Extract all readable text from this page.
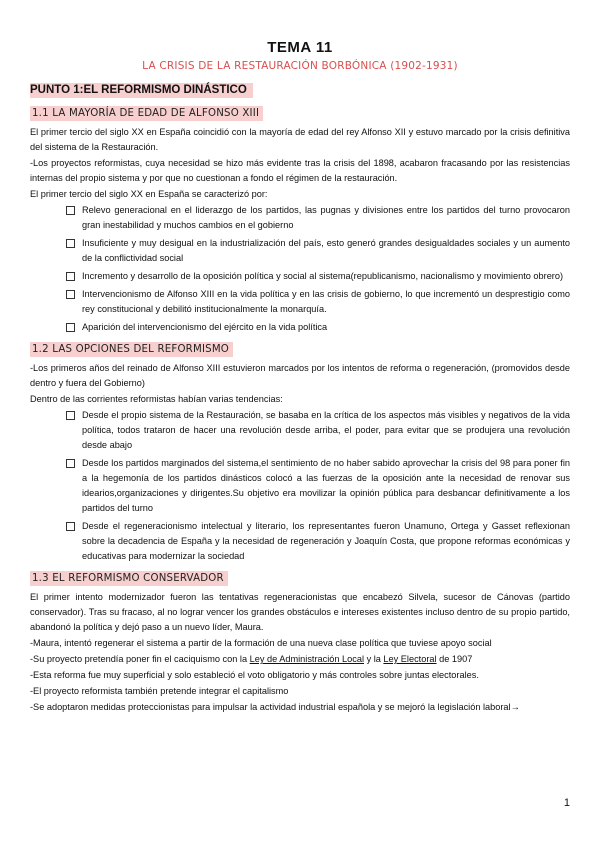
TEMA 11
LA CRISIS DE LA RESTAURACIÓN BORBÓNICA (1902-1931)
PUNTO 1:EL REFORMISMO DINÁSTICO
1.1 LA MAYORÍA DE EDAD DE ALFONSO XIII

El primer tercio del siglo XX en España coincidió con la mayoría de edad del rey Alfonso XII y estuvo marcado por la crisis definitiva del sistema de la Restauración.

-Los proyectos reformistas, cuya necesidad se hizo más evidente tras la crisis del 1898, acabaron fracasando por las resistencias internas del propio sistema y por que no cuestionan a fondo el régimen de la restauración.

El primer tercio del siglo XX en España se caracterizó por:

Relevo generacional en el liderazgo de los partidos, las pugnas y divisiones entre los partidos del turno provocaron gran inestabilidad y muchos cambios en el gobierno
Insuficiente y muy desigual en la industrialización del país, esto generó grandes desigualdades sociales y un aumento de la conflictividad social
Incremento y desarrollo de la oposición política y social al sistema(republicanismo, nacionalismo y movimiento obrero)
Intervencionismo de Alfonso XIII en la vida política y en las crisis de gobierno, lo que incrementó un desprestigio como rey constitucional y debilitó institucionalmente la monarquía.
Aparición del intervencionismo del ejército en la vida política
1.2 LAS OPCIONES DEL REFORMISMO

-Los primeros años del reinado de Alfonso XIII estuvieron marcados por los intentos de reforma o regeneración, (promovidos desde dentro y fuera del Gobierno)

Dentro de las corrientes reformistas habían varias tendencias:

Desde el propio sistema de la Restauración, se basaba en la crítica de los aspectos más visibles y negativos de la vida política, todos trataron de hacer una revolución desde arriba, el poder, para evitar que se produjera una revolución desde abajo
Desde los partidos marginados del sistema,el sentimiento de no haber sabido aprovechar la crisis del 98 para poner fin a la hegemonía de los partidos dinásticos colocó a las fuerzas de la oposición ante la necesidad de renovar sus idearios,organizaciones y dirigentes.Su objetivo era movilizar la opinión pública para desbancar definitivamente a los partidos del turno
Desde el regeneracionismo intelectual y literario, los representantes fueron Unamuno, Ortega y Gasset reflexionan sobre la decadencia de España y la necesidad de regeneración y Joaquín Costa, que propone reformas económicas y educativas para modernizar la sociedad
1.3 EL REFORMISMO CONSERVADOR

El primer intento modernizador fueron las tentativas regeneracionistas que encabezó Silvela, sucesor de Cánovas (partido conservador). Tras su fracaso, al no lograr vencer los grandes obstáculos e intereses existentes incluso dentro de su propio partido, abandonó la política y dejó paso a un nuevo líder, Maura.

-Maura, intentó regenerar el sistema a partir de la formación de una nueva clase política que tuviese apoyo social

-Su proyecto pretendía poner fin el caciquismo con la Ley de Administración Local y la Ley Electoral de 1907

-Esta reforma fue muy superficial y solo estableció el voto obligatorio y más controles sobre juntas electorales.

-El proyecto reformista también pretende integrar el capitalismo

-Se adoptaron medidas proteccionistas para impulsar la actividad industrial española y se mejoró la legislación laboral→

1
